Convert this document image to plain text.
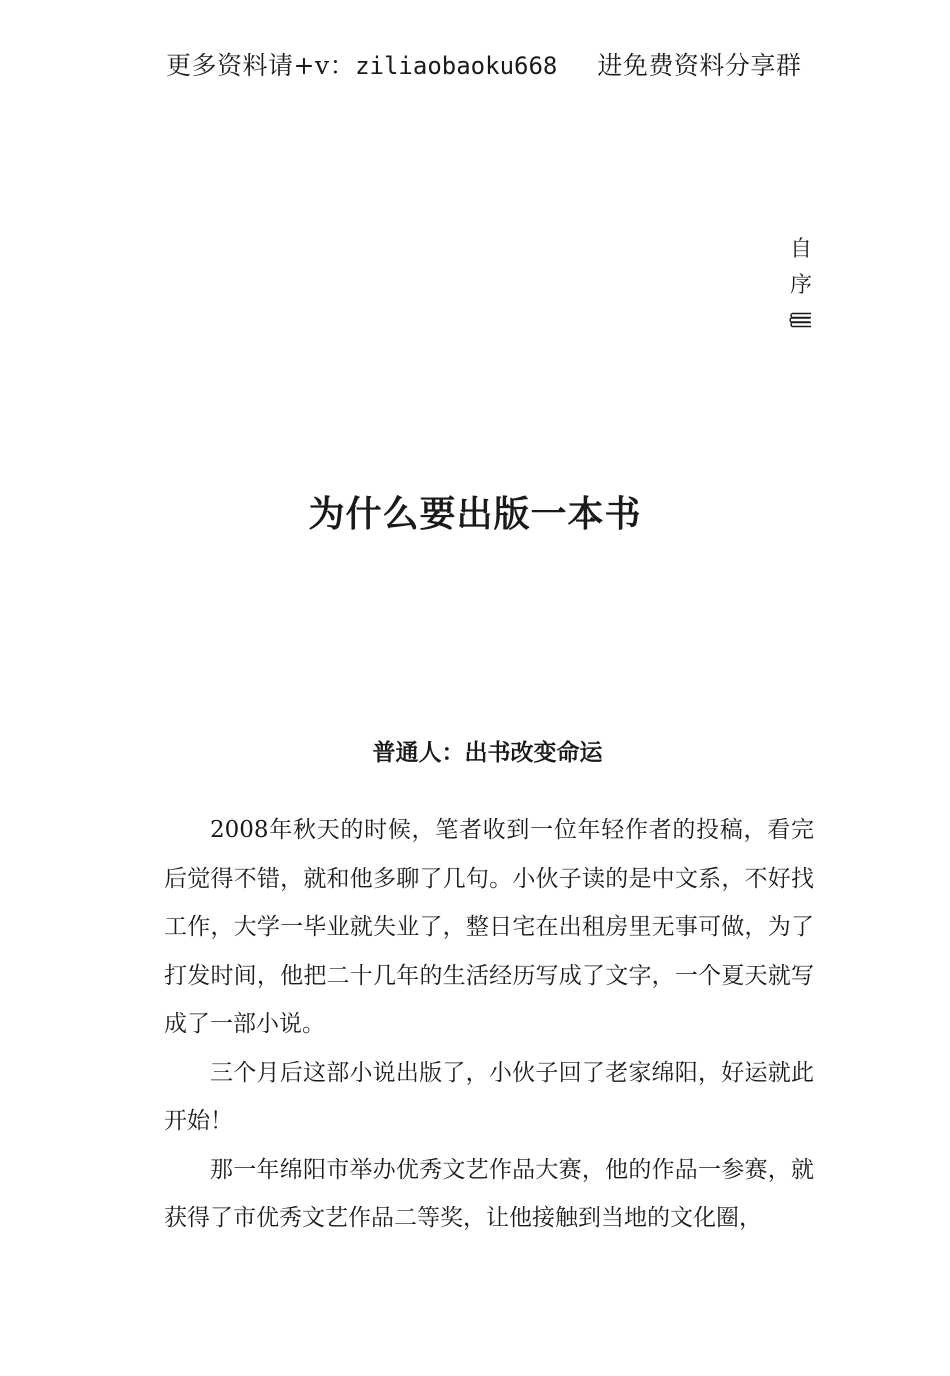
更多资料请+v：ziliaobaoku668 进免费资料分享群
自
序
为什么要出版一本书
普通人：出书改变命运

2008年秋天的时候，笔者收到一位年轻作者的投稿，看完后觉得不错，就和他多聊了几句。小伙子读的是中文系，不好找工作，大学一毕业就失业了，整日宅在出租房里无事可做，为了打发时间，他把二十几年的生活经历写成了文字，一个夏天就写成了一部小说。

三个月后这部小说出版了，小伙子回了老家绵阳，好运就此开始！

那一年绵阳市举办优秀文艺作品大赛，他的作品一参赛，就获得了市优秀文艺作品二等奖，让他接触到当地的文化圈，
